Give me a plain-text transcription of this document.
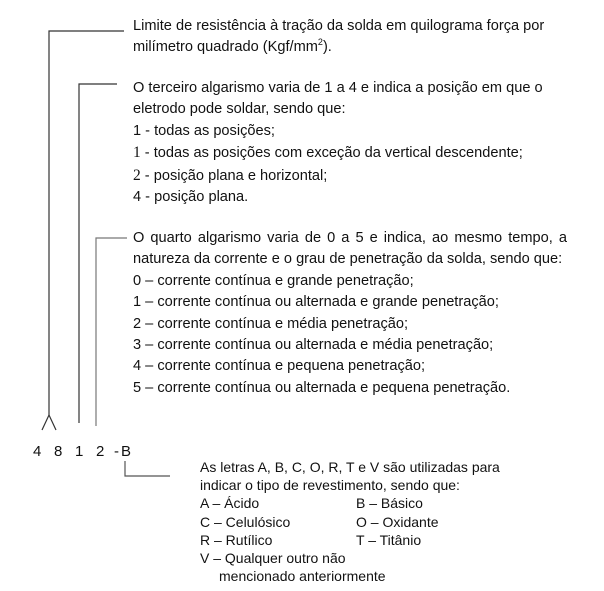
4 8 1 2 - B

Limite de resistência à tração da solda em quilograma força por

milímetro quadrado $(Kgf/mm^2)$.

O terceiro algarismo varia de 1 a 4 e indica a posição em que o

eletrodo pode soldar, sendo que:

1 - todas as posições;

1 - todas as posições com exceção da vertical descendente;

2 - posição plana e horizontal;

4 - posição plana.

O quarto algarismo varia de 0 a 5 e indica, ao mesmo tempo, a natureza da corrente e o grau de penetração da solda, sendo que:

0 – corrente contínua e grande penetração;

1 – corrente contínua ou alternada e grande penetração;

2 – corrente contínua e média penetração;

3 – corrente contínua ou alternada e média penetração;

4 – corrente contínua e pequena penetração;

5 – corrente contínua ou alternada e pequena penetração.

As letras A, B, C, O, R, T e V são utilizadas para

indicar o tipo de revestimento, sendo que:

A – Ácido	B – Básico
C – Celulósico	O – Oxidante
R – Rutílico	T – Titânio

V – Qualquer outro não

mencionado anteriormente
